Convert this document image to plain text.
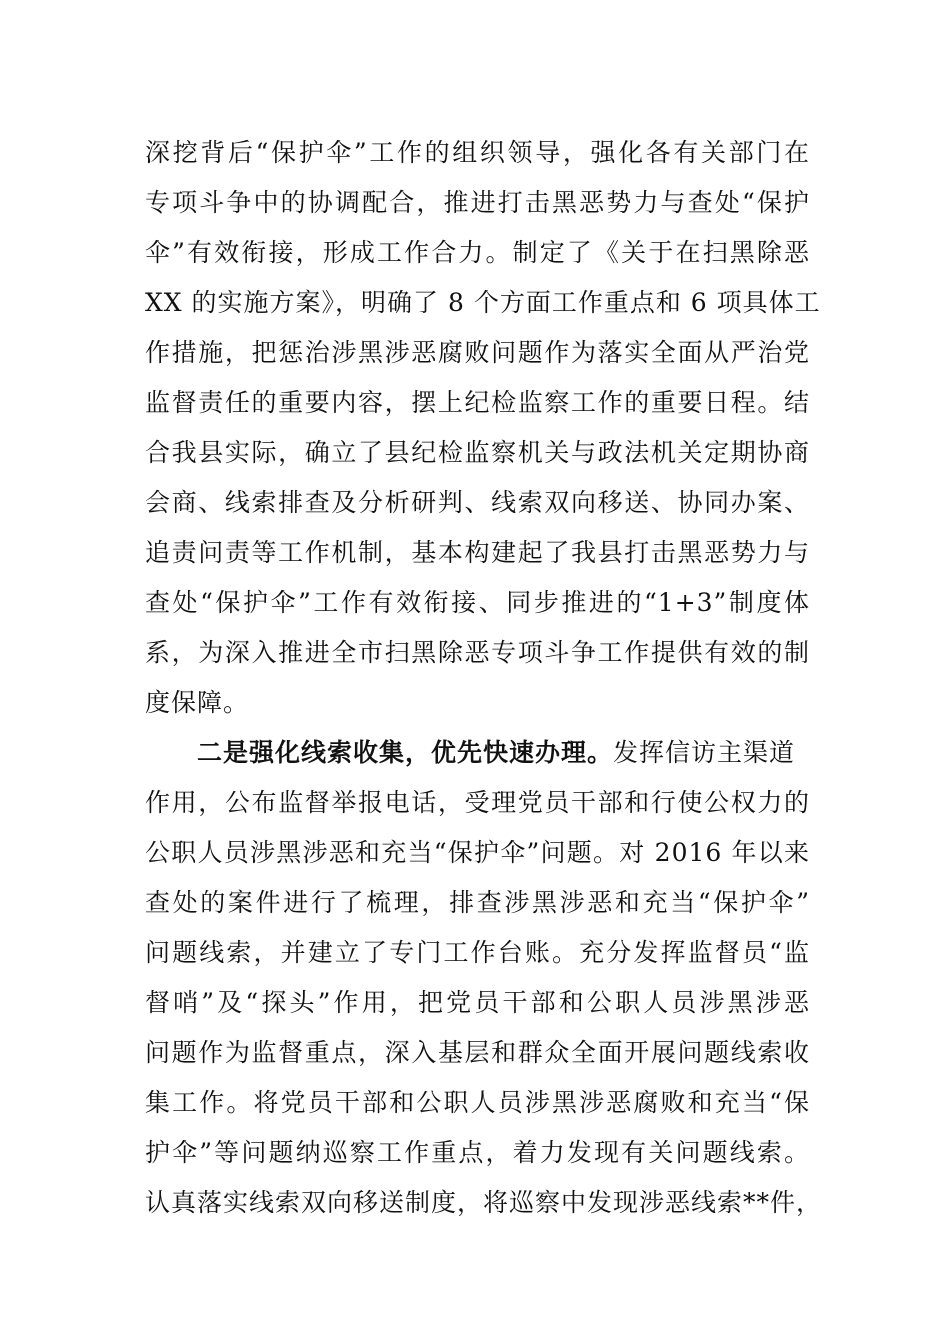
深挖背后“保护伞”工作的组织领导，强化各有关部门在
专项斗争中的协调配合，推进打击黑恶势力与查处“保护
伞”有效衔接，形成工作合力。制定了《关于在扫黑除恶
XX 的实施方案》，明确了 8 个方面工作重点和 6 项具体工
作措施，把惩治涉黑涉恶腐败问题作为落实全面从严治党
监督责任的重要内容，摆上纪检监察工作的重要日程。结
合我县实际，确立了县纪检监察机关与政法机关定期协商
会商、线索排查及分析研判、线索双向移送、协同办案、
追责问责等工作机制，基本构建起了我县打击黑恶势力与
查处“保护伞”工作有效衔接、同步推进的“1+3”制度体
系，为深入推进全市扫黑除恶专项斗争工作提供有效的制
度保障。
二是强化线索收集，优先快速办理。发挥信访主渠道
作用，公布监督举报电话，受理党员干部和行使公权力的
公职人员涉黑涉恶和充当“保护伞”问题。对 2016 年以来
查处的案件进行了梳理，排查涉黑涉恶和充当“保护伞”
问题线索，并建立了专门工作台账。充分发挥监督员“监
督哨”及“探头”作用，把党员干部和公职人员涉黑涉恶
问题作为监督重点，深入基层和群众全面开展问题线索收
集工作。将党员干部和公职人员涉黑涉恶腐败和充当“保
护伞”等问题纳巡察工作重点，着力发现有关问题线索。
认真落实线索双向移送制度，将巡察中发现涉恶线索**件，
